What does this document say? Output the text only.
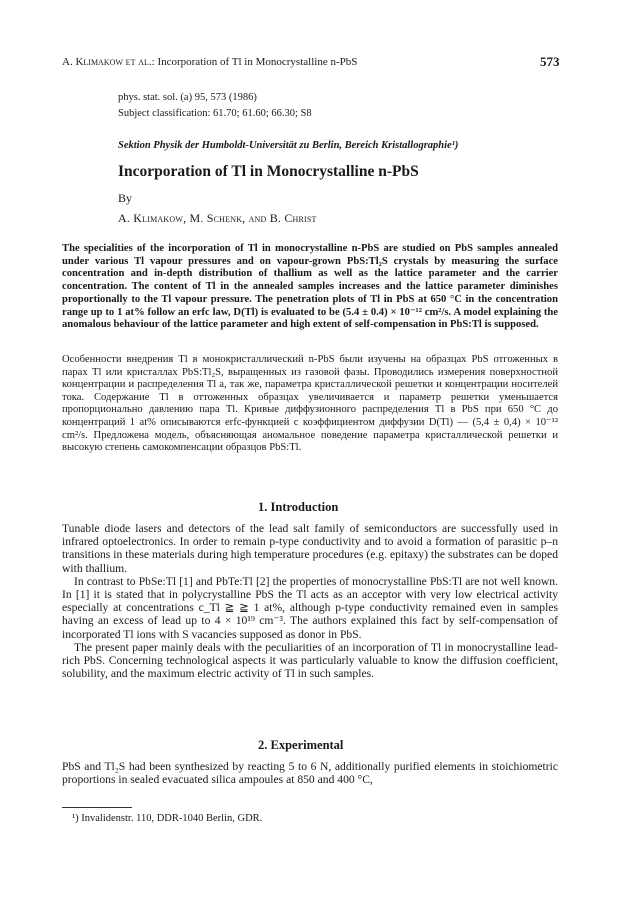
A. Klimakow et al.: Incorporation of Tl in Monocrystalline n-PbS	573
phys. stat. sol. (a) 95, 573 (1986)
Subject classification: 61.70; 61.60; 66.30; S8
Sektion Physik der Humboldt-Universität zu Berlin, Bereich Kristallographie¹)
Incorporation of Tl in Monocrystalline n-PbS
By
A. Klimakow, M. Schenk, and B. Christ
The specialities of the incorporation of Tl in monocrystalline n-PbS are studied on PbS samples annealed under various Tl vapour pressures and on vapour-grown PbS:Tl₂S crystals by measuring the surface concentration and in-depth distribution of thallium as well as the lattice parameter and the carrier concentration. The content of Tl in the annealed samples increases and the lattice parameter diminishes proportionally to the Tl vapour pressure. The penetration plots of Tl in PbS at 650 °C in the concentration range up to 1 at% follow an erfc law, D(Tl) is evaluated to be (5.4 ± 0.4) × 10⁻¹² cm²/s. A model explaining the anomalous behaviour of the lattice parameter and high extent of self-compensation in PbS:Tl is supposed.
Особенности внедрения Tl в монокристаллический n-PbS были изучены на образцах PbS отгоженных в парах Tl или кристаллах PbS:Tl₂S, выращенных из газовой фазы. Проводились измерения поверхностной концентрации и распределения Tl а, так же, параметра кристаллической решетки и концентрации носителей тока. Содержание Tl в оттоженных образцах увеличивается и параметр решетки уменьшается пропорционально давлению пара Tl. Кривые диффузионного распределения Tl в PbS при 650 °C до концентраций 1 at% описываются erfc-функцией с коэффициентом диффузии D(Tl) — (5,4 ± 0,4) × 10⁻¹² cm²/s. Предложена модель, объясняющая аномальное поведение параметра кристаллической решетки и высокую степень самокомпенсации образцов PbS:Tl.
1. Introduction

Tunable diode lasers and detectors of the lead salt family of semiconductors are successfully used in infrared optoelectronics. In order to remain p-type conductivity and to avoid a formation of parasitic p–n transitions in these materials during high temperature procedures (e.g. epitaxy) the substrates can be doped with thallium.

In contrast to PbSe:Tl [1] and PbTe:Tl [2] the properties of monocrystalline PbS:Tl are not well known. In [1] it is stated that in polycrystalline PbS the Tl acts as an acceptor with very low electrical activity especially at concentrations c_Tl ≧ ≧ 1 at%, although p-type conductivity remained even in samples having an excess of lead up to 4 × 10¹⁹ cm⁻³. The authors explained this fact by self-compensation of incorporated Tl ions with S vacancies supposed as donor in PbS.

The present paper mainly deals with the peculiarities of an incorporation of Tl in monocrystalline lead-rich PbS. Concerning technological aspects it was particularly valuable to know the diffusion coefficient, solubility, and the maximum electric activity of Tl in such samples.

2. Experimental

PbS and Tl₂S had been synthesized by reacting 5 to 6 N, additionally purified elements in stoichiometric proportions in sealed evacuated silica ampoules at 850 and 400 °C,

¹) Invalidenstr. 110, DDR-1040 Berlin, GDR.
